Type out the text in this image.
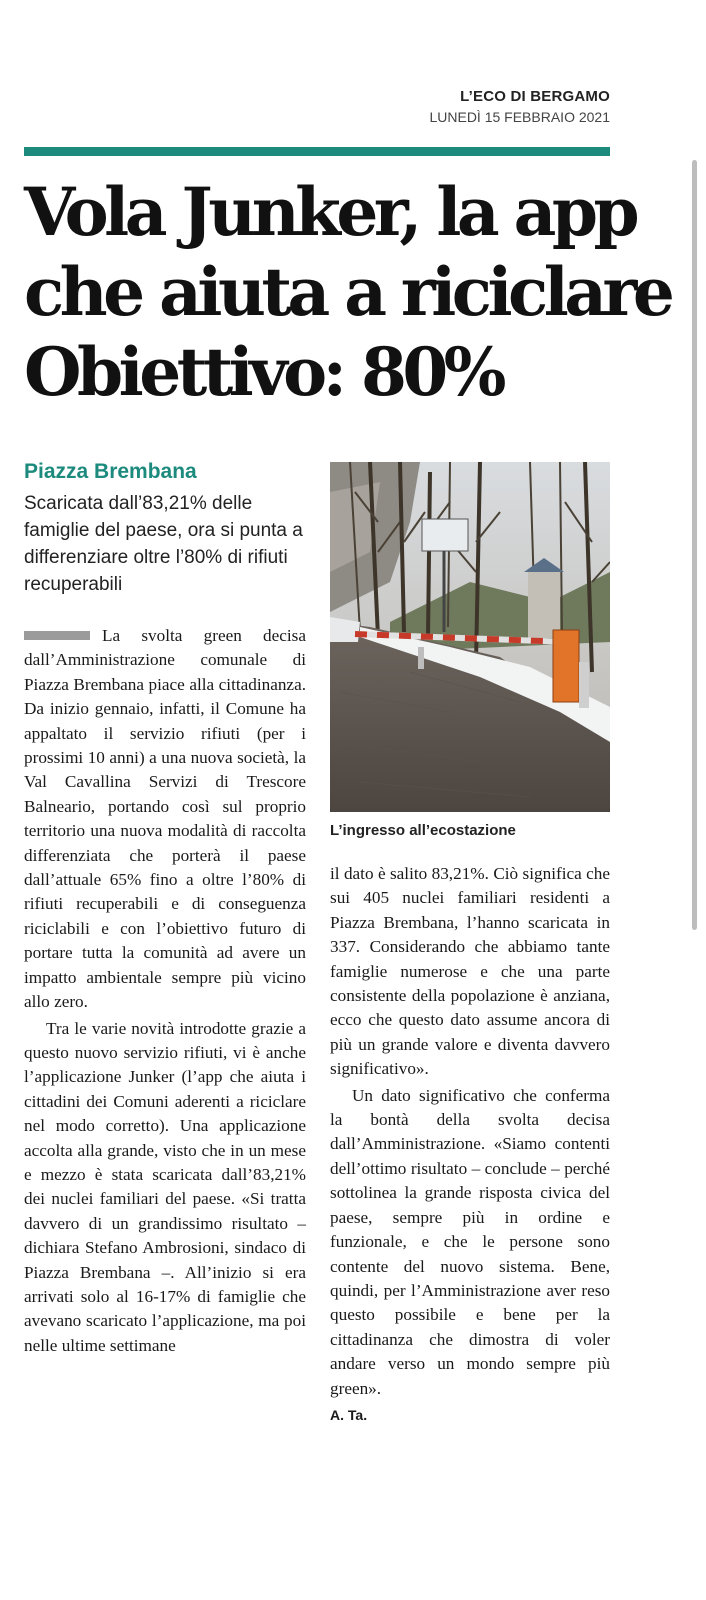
L’ECO DI BERGAMO
LUNEDÌ 15 FEBBRAIO 2021
Vola Junker, la app
che aiuta a riciclare
Obiettivo: 80%
Piazza Brembana
Scaricata dall’83,21% delle famiglie del paese, ora si punta a differenziare oltre l’80% di rifiuti recuperabili
L’ingresso all’ecostazione

La svolta green decisa dall’Amministrazione comunale di Piazza Brembana piace alla cittadinanza. Da inizio gennaio, infatti, il Comune ha appaltato il servizio rifiuti (per i prossimi 10 anni) a una nuova società, la Val Cavallina Servizi di Trescore Balneario, portando così sul proprio territorio una nuova modalità di raccolta differenziata che porterà il paese dall’attuale 65% fino a oltre l’80% di rifiuti recuperabili e di conseguenza riciclabili e con l’obiettivo futuro di portare tutta la comunità ad avere un impatto ambientale sempre più vicino allo zero.

Tra le varie novità introdotte grazie a questo nuovo servizio rifiuti, vi è anche l’applicazione Junker (l’app che aiuta i cittadini dei Comuni aderenti a riciclare nel modo corretto). Una applicazione accolta alla grande, visto che in un mese e mezzo è stata scaricata dall’83,21% dei nuclei familiari del paese. «Si tratta davvero di un grandissimo risultato – dichiara Stefano Ambrosioni, sindaco di Piazza Brembana –. All’inizio si era arrivati solo al 16-17% di famiglie che avevano scaricato l’applicazione, ma poi nelle ultime settimane

il dato è salito 83,21%. Ciò significa che sui 405 nuclei familiari residenti a Piazza Brembana, l’hanno scaricata in 337. Considerando che abbiamo tante famiglie numerose e che una parte consistente della popolazione è anziana, ecco che questo dato assume ancora di più un grande valore e diventa davvero significativo».

Un dato significativo che conferma la bontà della svolta decisa dall’Amministrazione. «Siamo contenti dell’ottimo risultato – conclude – perché sottolinea la grande risposta civica del paese, sempre più in ordine e funzionale, e che le persone sono contente del nuovo sistema. Bene, quindi, per l’Amministrazione aver reso questo possibile e bene per la cittadinanza che dimostra di voler andare verso un mondo sempre più green».

A. Ta.
